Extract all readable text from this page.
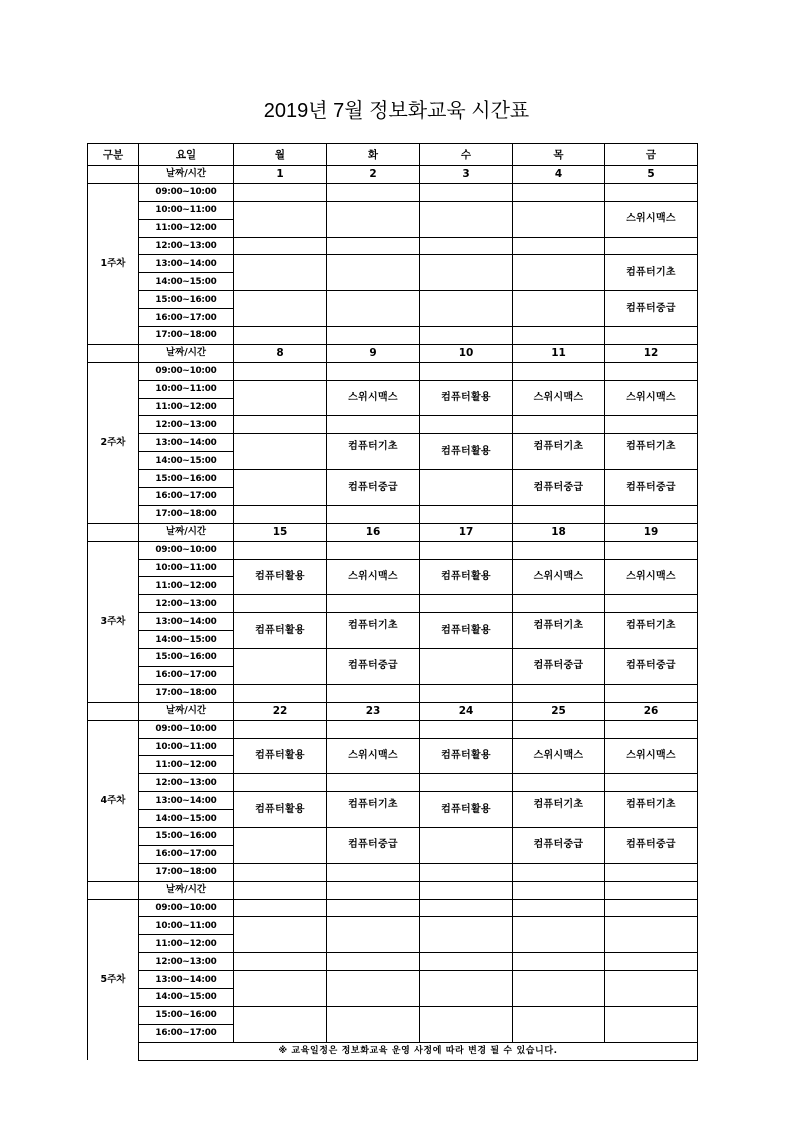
2019년 7월 정보화교육 시간표
구분	요일	월	화	수	목	금
	날짜/시간	1	2	3	4	5
1주차	09:00~10:00					
	10:00~11:00					스위시맥스
	11:00~12:00					
	12:00~13:00					
	13:00~14:00					컴퓨터기초
	14:00~15:00					
	15:00~16:00					컴퓨터중급
	16:00~17:00					
	17:00~18:00					
	날짜/시간	8	9	10	11	12
2주차	09:00~10:00					
	10:00~11:00		스위시맥스	컴퓨터활용	스위시맥스	스위시맥스
	11:00~12:00					
	12:00~13:00					
	13:00~14:00		컴퓨터기초	컴퓨터활용	컴퓨터기초	컴퓨터기초
	14:00~15:00					
	15:00~16:00		컴퓨터중급		컴퓨터중급	컴퓨터중급
	16:00~17:00					
	17:00~18:00					
	날짜/시간	15	16	17	18	19
3주차	09:00~10:00					
	10:00~11:00	컴퓨터활용	스위시맥스	컴퓨터활용	스위시맥스	스위시맥스
	11:00~12:00					
	12:00~13:00					
	13:00~14:00	컴퓨터활용	컴퓨터기초	컴퓨터활용	컴퓨터기초	컴퓨터기초
	14:00~15:00					
	15:00~16:00		컴퓨터중급		컴퓨터중급	컴퓨터중급
	16:00~17:00					
	17:00~18:00					
	날짜/시간	22	23	24	25	26
4주차	09:00~10:00					
	10:00~11:00	컴퓨터활용	스위시맥스	컴퓨터활용	스위시맥스	스위시맥스
	11:00~12:00					
	12:00~13:00					
	13:00~14:00	컴퓨터활용	컴퓨터기초	컴퓨터활용	컴퓨터기초	컴퓨터기초
	14:00~15:00					
	15:00~16:00		컴퓨터중급		컴퓨터중급	컴퓨터중급
	16:00~17:00					
	17:00~18:00					
	날짜/시간					
5주차	09:00~10:00					
	10:00~11:00					
	11:00~12:00					
	12:00~13:00					
	13:00~14:00					
	14:00~15:00					
	15:00~16:00					
	16:00~17:00					
	※ 교육일정은 정보화교육 운영 사정에 따라 변경 될 수 있습니다.					
